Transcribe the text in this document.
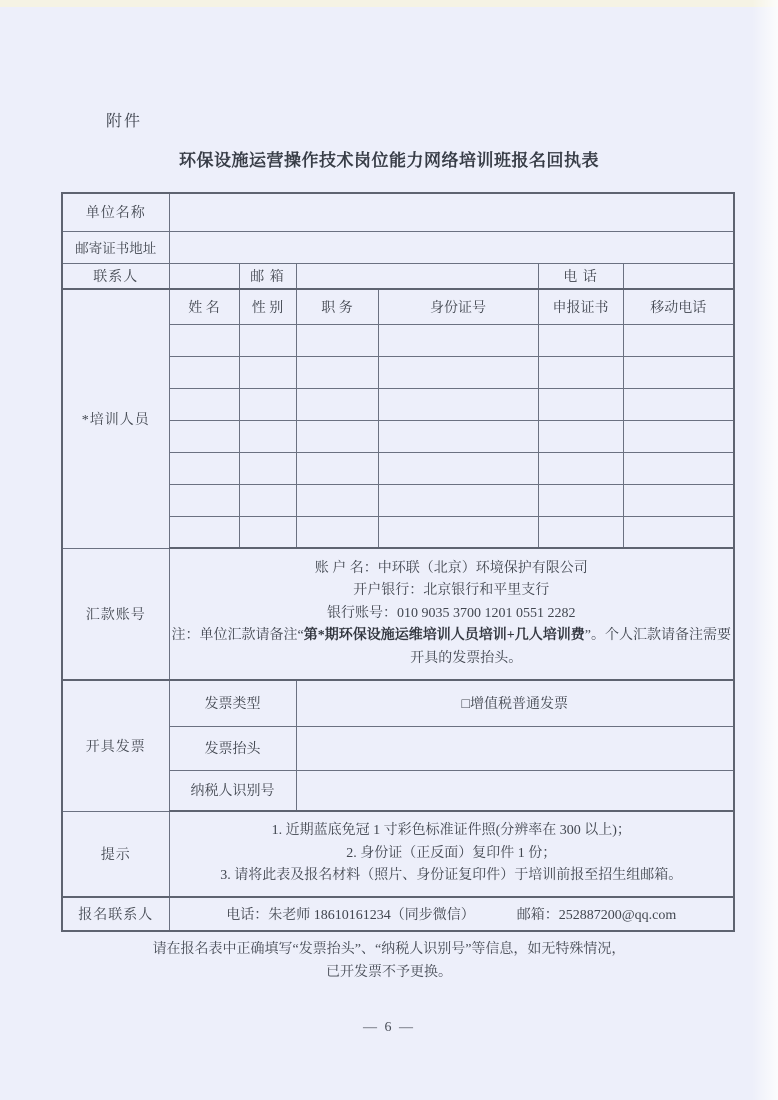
附件
环保设施运营操作技术岗位能力网络培训班报名回执表
单位名称						
邮寄证书地址						
联系人		邮 箱			电 话	
*培训人员	姓 名	性 别	职 务	身份证号	申报证书	移动电话

汇款账号	账 户 名：中环联（北京）环境保护有限公司
开户银行：北京银行和平里支行
银行账号：010 9035 3700 1201 0551 2282
注：单位汇款请备注“第*期环保设施运维培训人员培训+几人培训费”。个人汇款请备注需要开具的发票抬头。					

开具发票	发票类型		□增值税普通发票			
	发票抬头					
	纳税人识别号					
提示	1. 近期蓝底免冠 1 寸彩色标准证件照(分辨率在 300 以上)；
2. 身份证（正反面）复印件 1 份；
3. 请将此表及报名材料（照片、身份证复印件）于培训前报至招生组邮箱。					

报名联系人	电话：朱老师 18610161234（同步微信） 邮箱：252887200@qq.com					
请在报名表中正确填写“发票抬头”、“纳税人识别号”等信息，如无特殊情况，
已开发票不予更换。
— 6 —
